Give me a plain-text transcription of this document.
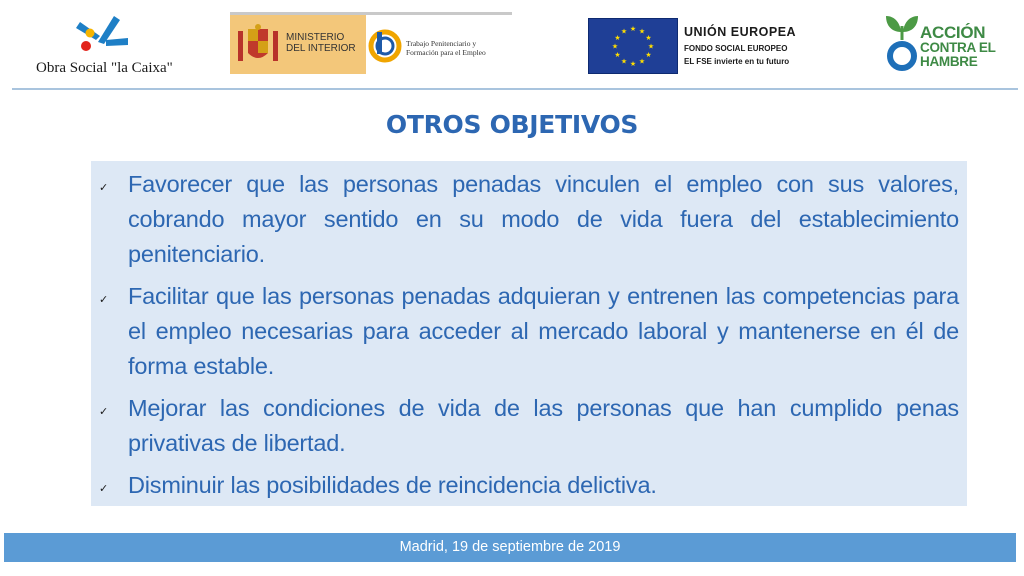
Obra Social "la Caixa"
MINISTERIO
DEL INTERIOR	Trabajo Penitenciario y
Formación para el Empleo
★ ★
★
★
★
★
★
★
★
★
★
★	UNIÓN EUROPEA
FONDO SOCIAL EUROPEO
EL FSE invierte en tu futuro
ACCIÓN
CONTRA EL
HAMBRE
OTROS OBJETIVOS
✓ Favorecer que las personas penadas vinculen el empleo con sus valores, cobrando mayor sentido en su modo de vida fuera del establecimiento penitenciario.
✓ Facilitar que las personas penadas adquieran y entrenen las competencias para el empleo necesarias para acceder al mercado laboral y mantenerse en él de forma estable.
✓ Mejorar las condiciones de vida de las personas que han cumplido penas privativas de libertad.
✓ Disminuir las posibilidades de reincidencia delictiva.
Madrid, 19 de septiembre de 2019
